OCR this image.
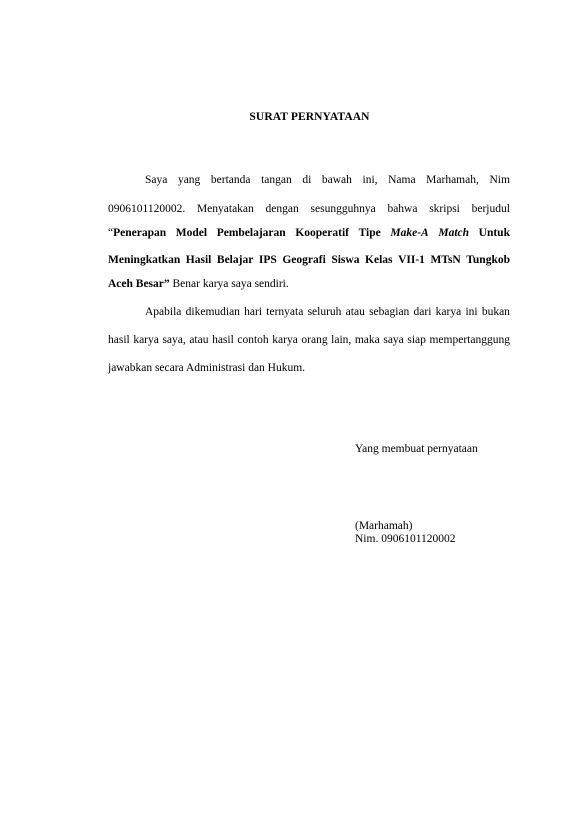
SURAT PERNYATAAN
Saya yang bertanda tangan di bawah ini, Nama Marhamah, Nim
0906101120002. Menyatakan dengan sesungguhnya bahwa skripsi berjudul
“Penerapan Model Pembelajaran Kooperatif Tipe Make-A Match Untuk
Meningkatkan Hasil Belajar IPS Geografi Siswa Kelas VII-1 MTsN Tungkob
Aceh Besar” Benar karya saya sendiri.
Apabila dikemudian hari ternyata seluruh atau sebagian dari karya ini bukan
hasil karya saya, atau hasil contoh karya orang lain, maka saya siap mempertanggung
jawabkan secara Administrasi dan Hukum.
Yang membuat pernyataan
(Marhamah)
Nim. 0906101120002
